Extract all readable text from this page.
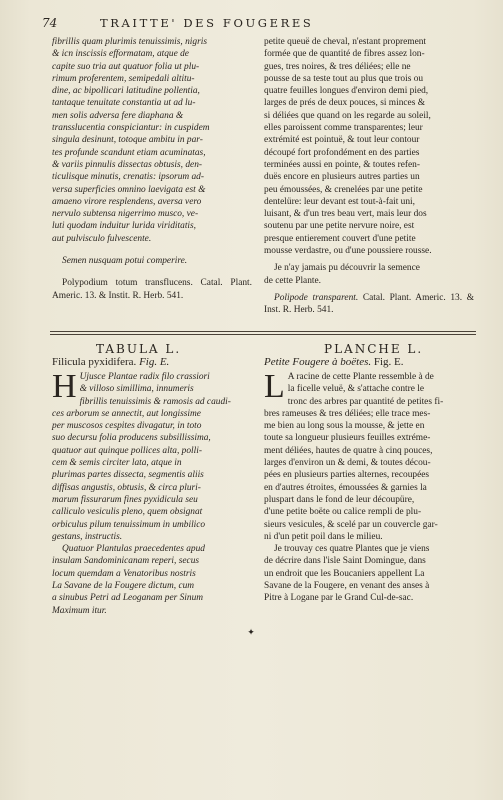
74	TRAITTE' DES FOUGERES

fibrillis quam plurimis tenuissimis, nigris

& icn inscissis efformatam, atque de

capite suo tria aut quatuor folia ut plu-

rimum proferentem, semipedali altitu-

dine, ac bipollicari latitudine pollentia,

tantaque tenuitate constantia ut ad lu-

men solis adversa fere diaphana &

transslucentia conspiciantur: in cuspidem

singula desinunt, totoque ambitu in par-

tes profunde scandunt etiam acuminatas,

& variis pinnulis dissectas obtusis, den-

ticulisque minutis, crenatis: ipsorum ad-

versa superficies omnino laevigata est &

amaeno virore resplendens, aversa vero

nervulo subtensa nigerrimo musco, ve-

luti quodam induitur lurida viriditatis,

aut pulvisculo fulvescente.

Semen nusquam potui comperire.

Polypodium totum transflucens. Catal. Plant. Americ. 13. & Instit. R. Herb. 541.

petite queuë de cheval, n'estant proprement

formée que de quantité de fibres assez lon-

gues, tres noires, & tres déliées; elle ne

pousse de sa teste tout au plus que trois ou

quatre feuilles longues d'environ demi pied,

larges de prés de deux pouces, si minces &

si déliées que quand on les regarde au soleil,

elles paroissent comme transparentes; leur

extrémité est pointuë, & tout leur contour

découpé fort profondément en des parties

terminées aussi en pointe, & toutes refen-

duës encore en plusieurs autres parties un

peu émoussées, & crenelées par une petite

dentelüre: leur devant est tout-à-fait uni,

luisant, & d'un tres beau vert, mais leur dos

soutenu par une petite nervure noire, est

presque entierement couvert d'une petite

mousse verdastre, ou d'une poussiere rousse.

Je n'ay jamais pu découvrir la semence

de cette Plante.

Polipode transparent. Catal. Plant. Americ. 13. & Inst. R. Herb. 541.

TABULA L.	PLANCHE L.
Filicula pyxidifera. Fig. E.	Petite Fougere à boëtes. Fig. E.
H Ujusce Plantae radix filo crassiori

& villoso simillima, innumeris

fibrillis tenuissimis & ramosis ad caudi-

ces arborum se annectit, aut longissime

per muscosos cespites divagatur, in toto

suo decursu folia producens subsillissima,

quatuor aut quinque pollices alta, polli-

cem & semis circiter lata, atque in

plurimas partes dissecta, segmentis aliis

diffisas angustis, obtusis, & circa pluri-

marum fissurarum fines pyxidicula seu

calliculo vesiculis pleno, quem obsignat

orbiculus pilum tenuissimum in umbilico

gestans, instructis.

Quatuor Plantulas praecedentes apud

insulam Sandominicanam reperi, secus

locum quemdam a Venatoribus nostris

La Savane de la Fougere dictum, cum

a sinubus Petri ad Leoganam per Sinum

Maximum itur.

L A racine de cette Plante ressemble à de

la ficelle veluë, & s'attache contre le

tronc des arbres par quantité de petites fi-

bres rameuses & tres déliées; elle trace mes-

me bien au long sous la mousse, & jette en

toute sa longueur plusieurs feuilles extréme-

ment déliées, hautes de quatre à cinq pouces,

larges d'environ un & demi, & toutes décou-

pées en plusieurs parties alternes, recoupées

en d'autres étroites, émoussées & garnies la

pluspart dans le fond de leur découpüre,

d'une petite boëte ou calice rempli de plu-

sieurs vesicules, & scelé par un couvercle gar-

ni d'un petit poil dans le milieu.

Je trouvay ces quatre Plantes que je viens

de décrire dans l'isle Saint Domingue, dans

un endroit que les Boucaniers appellent La

Savane de la Fougere, en venant des anses à

Pitre à Logane par le Grand Cul-de-sac.

✦
